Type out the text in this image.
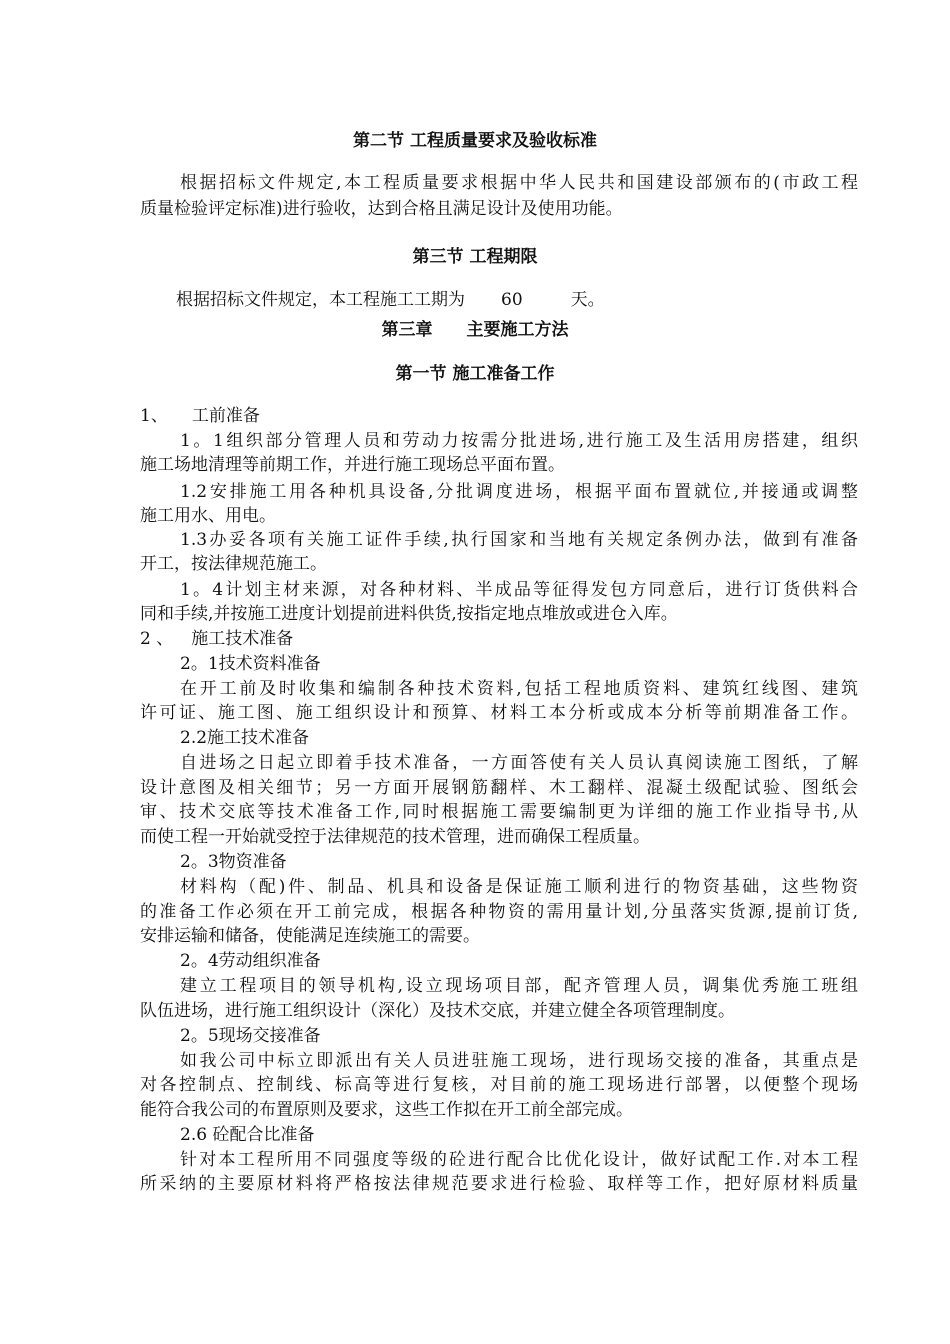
第二节 工程质量要求及验收标准
根据招标文件规定,本工程质量要求根据中华人民共和国建设部颁布的(市政工程
质量检验评定标准)进行验收，达到合格且满足设计及使用功能。
第三节 工程期限
根据招标文件规定，本工程施工工期为 60	天。
第三章 主要施工方法
第一节 施工准备工作
1、 工前准备
1。1组织部分管理人员和劳动力按需分批进场,进行施工及生活用房搭建，组织
施工场地清理等前期工作，并进行施工现场总平面布置。
1.2安排施工用各种机具设备,分批调度进场，根据平面布置就位,并接通或调整
施工用水、用电。
1.3办妥各项有关施工证件手续,执行国家和当地有关规定条例办法，做到有准备
开工，按法律规范施工。
1。4计划主材来源，对各种材料、半成品等征得发包方同意后，进行订货供料合
同和手续,并按施工进度计划提前进料供货,按指定地点堆放或进仓入库。
2 、 施工技术准备
2。1技术资料准备
在开工前及时收集和编制各种技术资料,包括工程地质资料、建筑红线图、建筑
许可证、施工图、施工组织设计和预算、材料工本分析或成本分析等前期准备工作。
2.2施工技术准备
自进场之日起立即着手技术准备，一方面答使有关人员认真阅读施工图纸，了解
设计意图及相关细节；另一方面开展钢筋翻样、木工翻样、混凝土级配试验、图纸会
审、技术交底等技术准备工作,同时根据施工需要编制更为详细的施工作业指导书,从
而使工程一开始就受控于法律规范的技术管理，进而确保工程质量。
2。3物资准备
材料构（配)件、制品、机具和设备是保证施工顺利进行的物资基础，这些物资
的准备工作必须在开工前完成，根据各种物资的需用量计划,分虽落实货源,提前订货,
安排运输和储备，使能满足连续施工的需要。
2。4劳动组织准备
建立工程项目的领导机构,设立现场项目部，配齐管理人员，调集优秀施工班组
队伍进场，进行施工组织设计（深化）及技术交底，并建立健全各项管理制度。
2。5现场交接准备
如我公司中标立即派出有关人员进驻施工现场，进行现场交接的准备，其重点是
对各控制点、控制线、标高等进行复核，对目前的施工现场进行部署，以便整个现场
能符合我公司的布置原则及要求，这些工作拟在开工前全部完成。
2.6 砼配合比准备
针对本工程所用不同强度等级的砼进行配合比优化设计，做好试配工作.对本工程
所采纳的主要原材料将严格按法律规范要求进行检验、取样等工作，把好原材料质量
